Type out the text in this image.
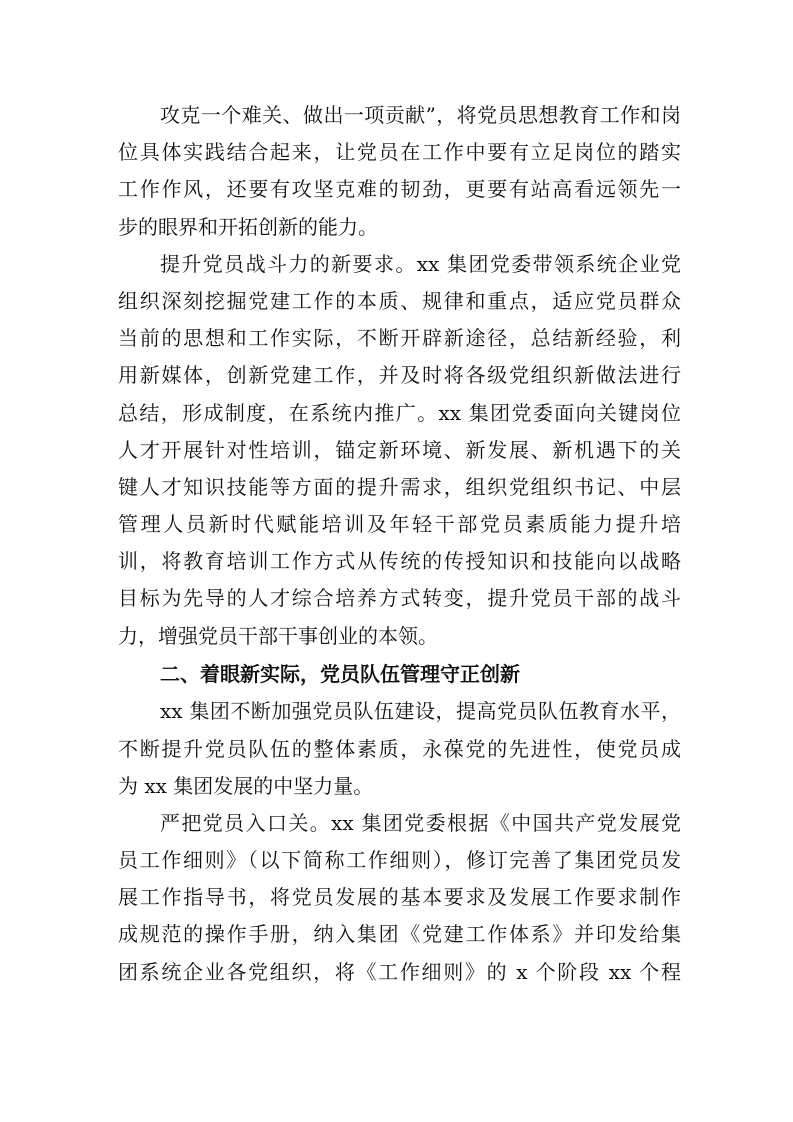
攻克一个难关、做出一项贡献”，将党员思想教育工作和岗
位具体实践结合起来，让党员在工作中要有立足岗位的踏实
工作作风，还要有攻坚克难的韧劲，更要有站高看远领先一
步的眼界和开拓创新的能力。
提升党员战斗力的新要求。xx 集团党委带领系统企业党
组织深刻挖掘党建工作的本质、规律和重点，适应党员群众
当前的思想和工作实际，不断开辟新途径，总结新经验，利
用新媒体，创新党建工作，并及时将各级党组织新做法进行
总结，形成制度，在系统内推广。xx 集团党委面向关键岗位
人才开展针对性培训，锚定新环境、新发展、新机遇下的关
键人才知识技能等方面的提升需求，组织党组织书记、中层
管理人员新时代赋能培训及年轻干部党员素质能力提升培
训，将教育培训工作方式从传统的传授知识和技能向以战略
目标为先导的人才综合培养方式转变，提升党员干部的战斗
力，增强党员干部干事创业的本领。
二、着眼新实际，党员队伍管理守正创新
xx 集团不断加强党员队伍建设，提高党员队伍教育水平，
不断提升党员队伍的整体素质，永葆党的先进性，使党员成
为 xx 集团发展的中坚力量。
严把党员入口关。xx 集团党委根据《中国共产党发展党
员工作细则》（以下简称工作细则），修订完善了集团党员发
展工作指导书，将党员发展的基本要求及发展工作要求制作
成规范的操作手册，纳入集团《党建工作体系》并印发给集
团系统企业各党组织，将《工作细则》的 x 个阶段 xx 个程
